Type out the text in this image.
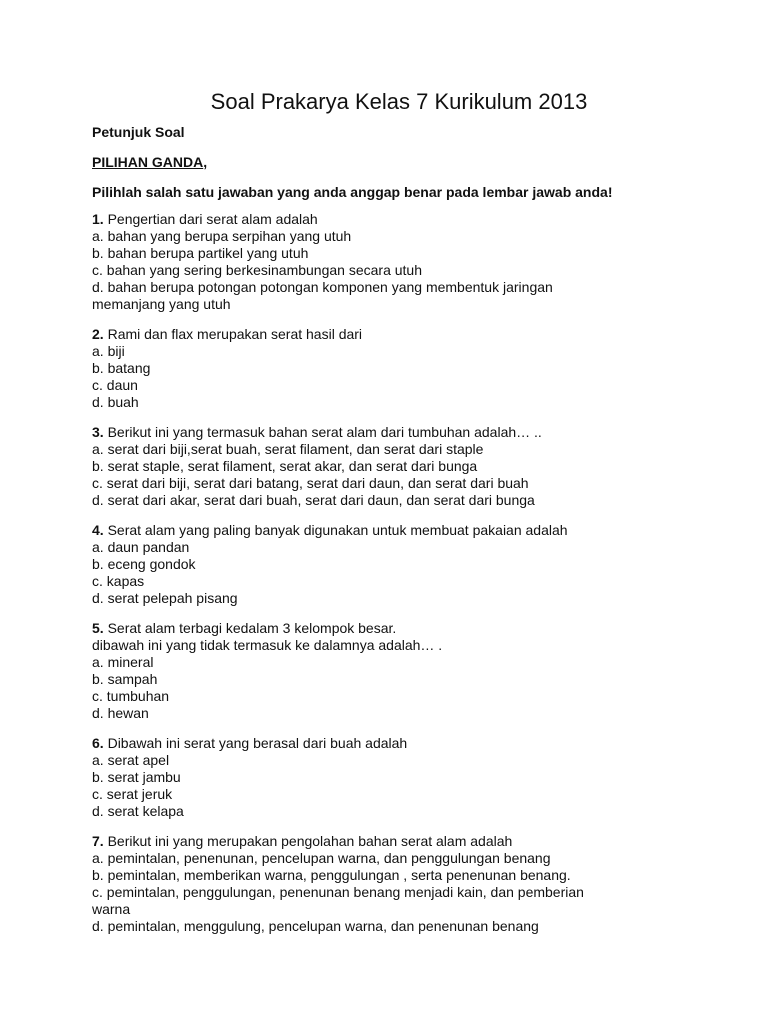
Soal Prakarya Kelas 7 Kurikulum 2013

Petunjuk Soal

PILIHAN GANDA,

Pilihlah salah satu jawaban yang anda anggap benar pada lembar jawab anda!

1. Pengertian dari serat alam adalah

a. bahan yang berupa serpihan yang utuh

b. bahan berupa partikel yang utuh

c. bahan yang sering berkesinambungan secara utuh

d. bahan berupa potongan potongan komponen yang membentuk jaringan

memanjang yang utuh

2. Rami dan flax merupakan serat hasil dari

a. biji

b. batang

c. daun

d. buah

3. Berikut ini yang termasuk bahan serat alam dari tumbuhan adalah… ..

a. serat dari biji,serat buah, serat filament, dan serat dari staple

b. serat staple, serat filament, serat akar, dan serat dari bunga

c. serat dari biji, serat dari batang, serat dari daun, dan serat dari buah

d. serat dari akar, serat dari buah, serat dari daun, dan serat dari bunga

4. Serat alam yang paling banyak digunakan untuk membuat pakaian adalah

a. daun pandan

b. eceng gondok

c. kapas

d. serat pelepah pisang

5. Serat alam terbagi kedalam 3 kelompok besar.

dibawah ini yang tidak termasuk ke dalamnya adalah… .

a. mineral

b. sampah

c. tumbuhan

d. hewan

6. Dibawah ini serat yang berasal dari buah adalah

a. serat apel

b. serat jambu

c. serat jeruk

d. serat kelapa

7. Berikut ini yang merupakan pengolahan bahan serat alam adalah

a. pemintalan, penenunan, pencelupan warna, dan penggulungan benang

b. pemintalan, memberikan warna, penggulungan , serta penenunan benang.

c. pemintalan, penggulungan, penenunan benang menjadi kain, dan pemberian

warna

d. pemintalan, menggulung, pencelupan warna, dan penenunan benang
